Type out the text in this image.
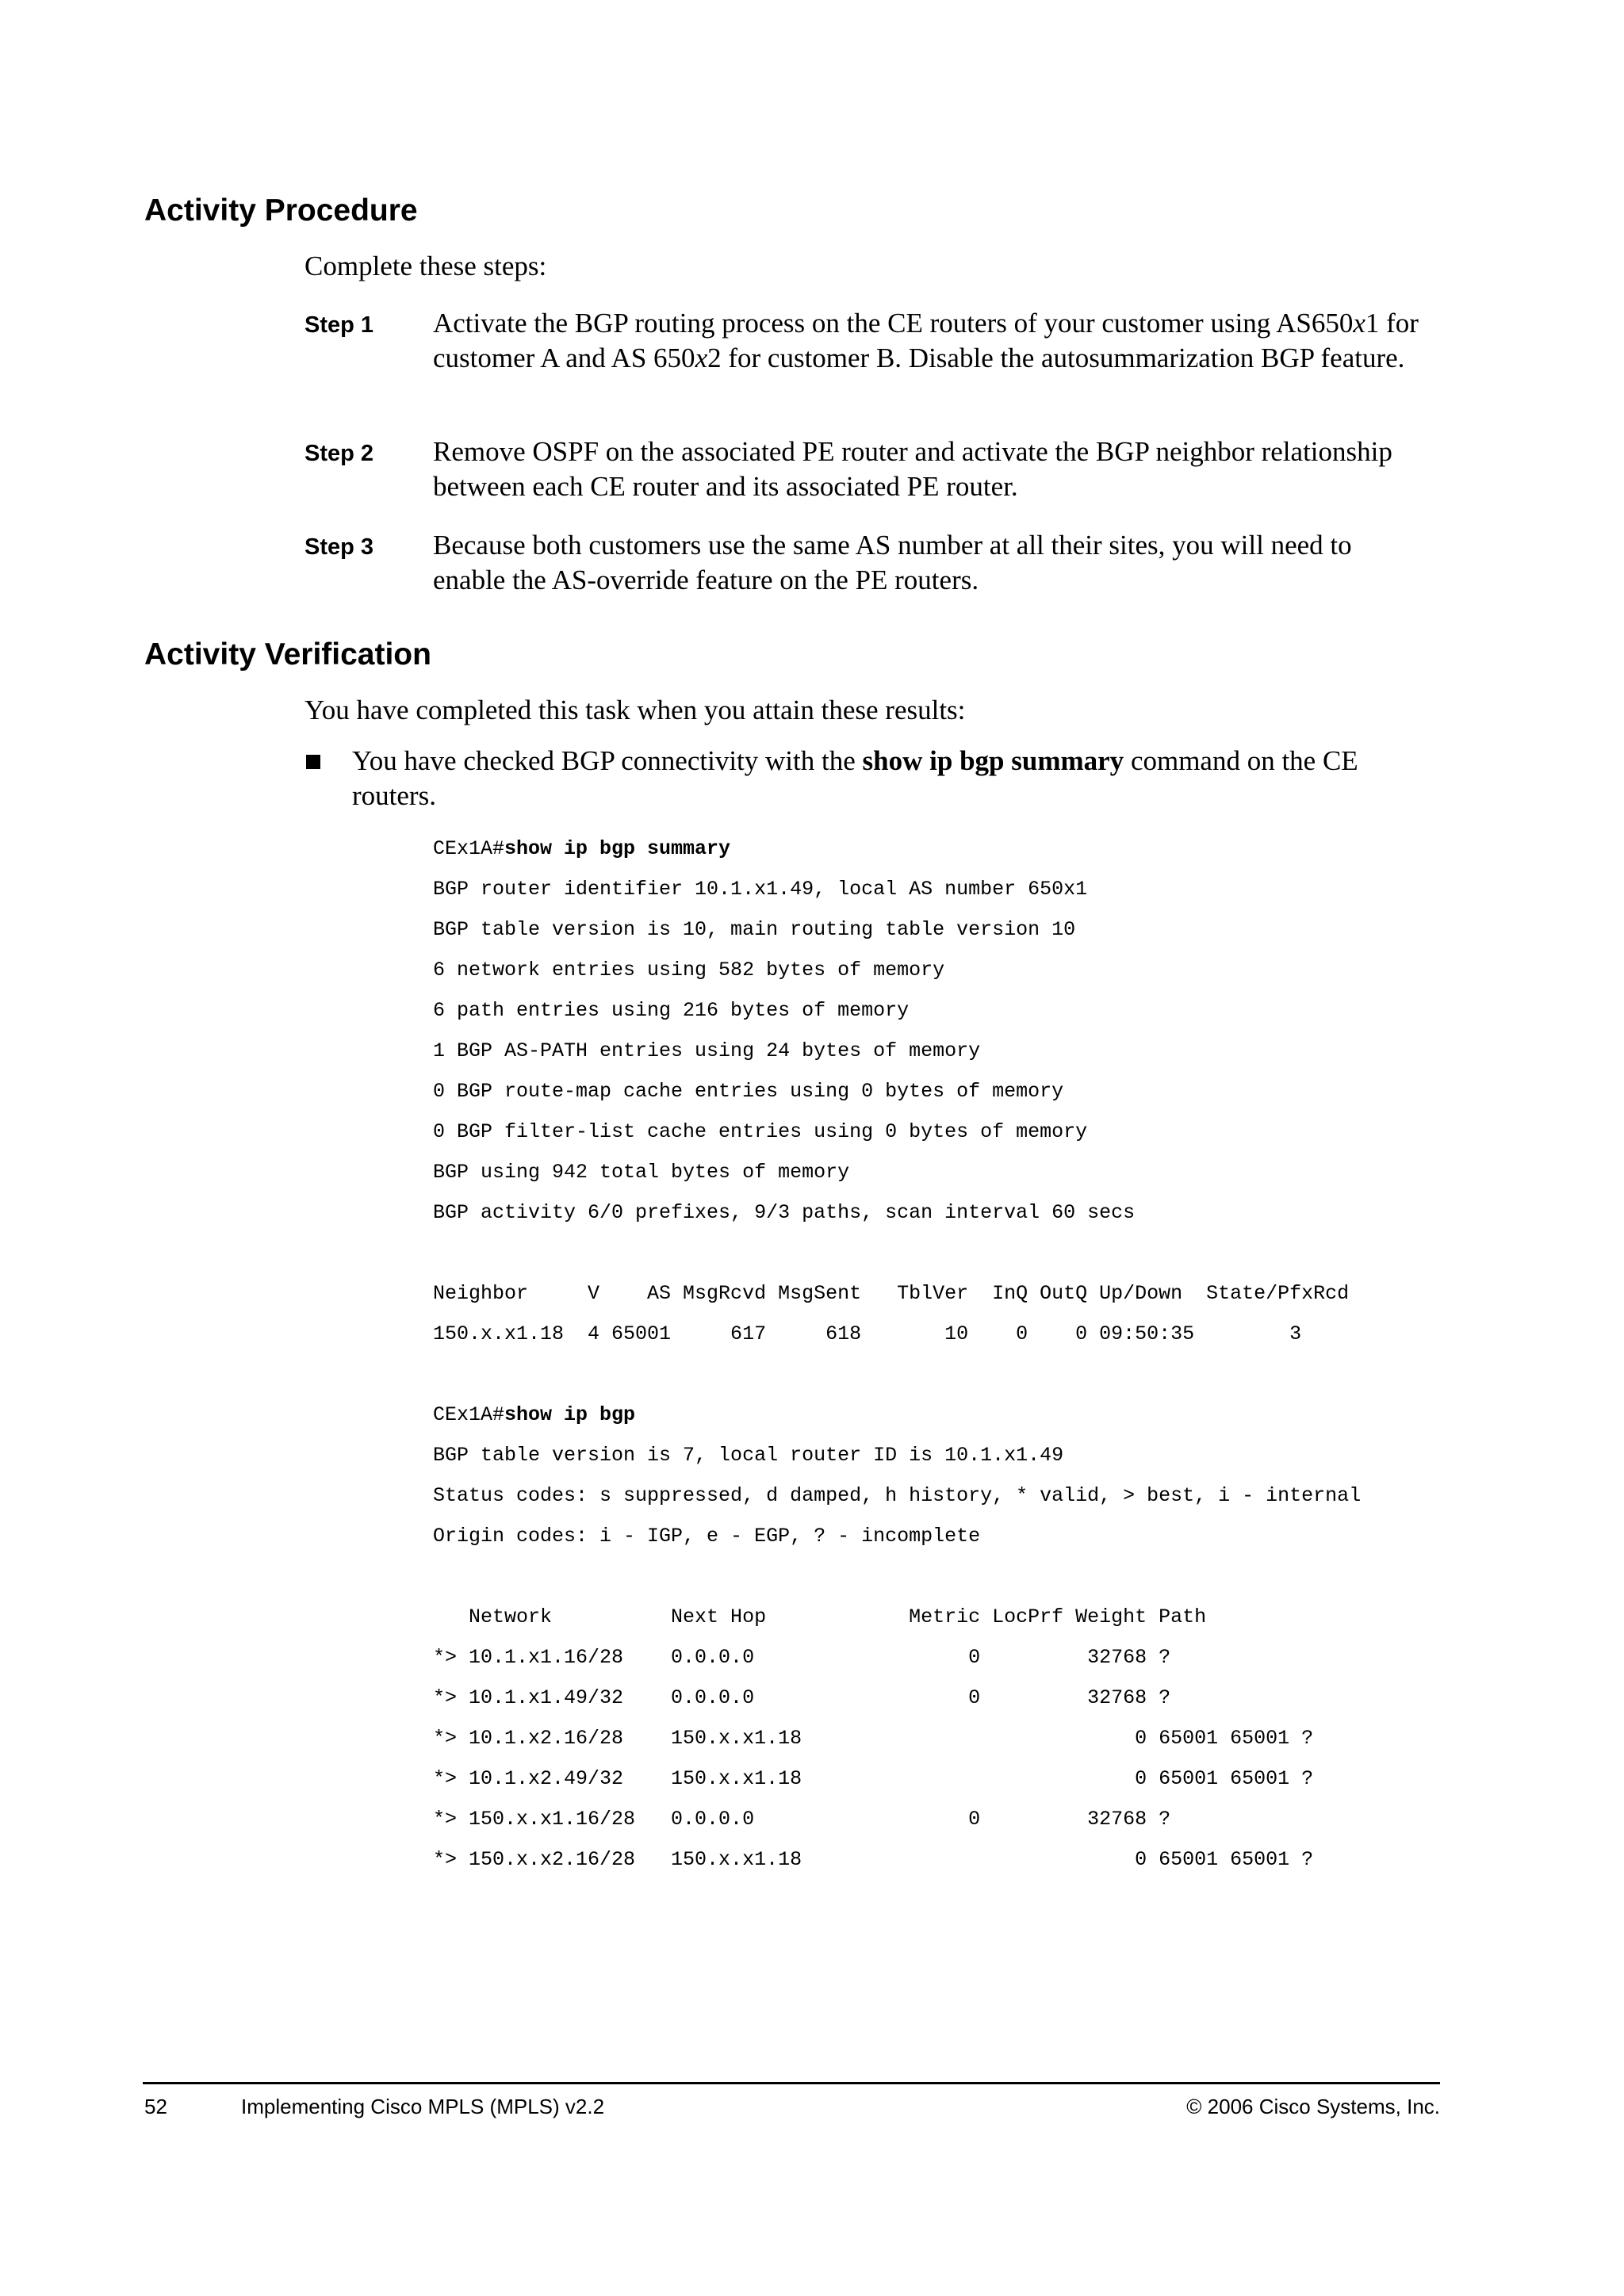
Activity Procedure

Complete these steps:

Step 1 Activate the BGP routing process on the CE routers of your customer using AS650x1 for customer A and AS 650x2 for customer B. Disable the autosummarization BGP feature.
Step 2 Remove OSPF on the associated PE router and activate the BGP neighbor relationship between each CE router and its associated PE router.
Step 3 Because both customers use the same AS number at all their sites, you will need to enable the AS-override feature on the PE routers.
Activity Verification

You have completed this task when you attain these results:

You have checked BGP connectivity with the show ip bgp summary command on the CE routers.
CEx1A#show ip bgp summary
BGP router identifier 10.1.x1.49, local AS number 650x1
BGP table version is 10, main routing table version 10
6 network entries using 582 bytes of memory
6 path entries using 216 bytes of memory
1 BGP AS-PATH entries using 24 bytes of memory
0 BGP route-map cache entries using 0 bytes of memory
0 BGP filter-list cache entries using 0 bytes of memory
BGP using 942 total bytes of memory
BGP activity 6/0 prefixes, 9/3 paths, scan interval 60 secs
Neighbor     V    AS MsgRcvd MsgSent   TblVer  InQ OutQ Up/Down  State/PfxRcd
150.x.x1.18  4 65001     617     618       10    0    0 09:50:35        3
CEx1A#show ip bgp
BGP table version is 7, local router ID is 10.1.x1.49
Status codes: s suppressed, d damped, h history, * valid, > best, i - internal
Origin codes: i - IGP, e - EGP, ? - incomplete
Network          Next Hop            Metric LocPrf Weight Path
*> 10.1.x1.16/28    0.0.0.0                  0         32768 ?
*> 10.1.x1.49/32    0.0.0.0                  0         32768 ?
*> 10.1.x2.16/28    150.x.x1.18                            0 65001 65001 ?
*> 10.1.x2.49/32    150.x.x1.18                            0 65001 65001 ?
*> 150.x.x1.16/28   0.0.0.0                  0         32768 ?
*> 150.x.x2.16/28   150.x.x1.18                            0 65001 65001 ?
52	Implementing Cisco MPLS (MPLS) v2.2	© 2006 Cisco Systems, Inc.
